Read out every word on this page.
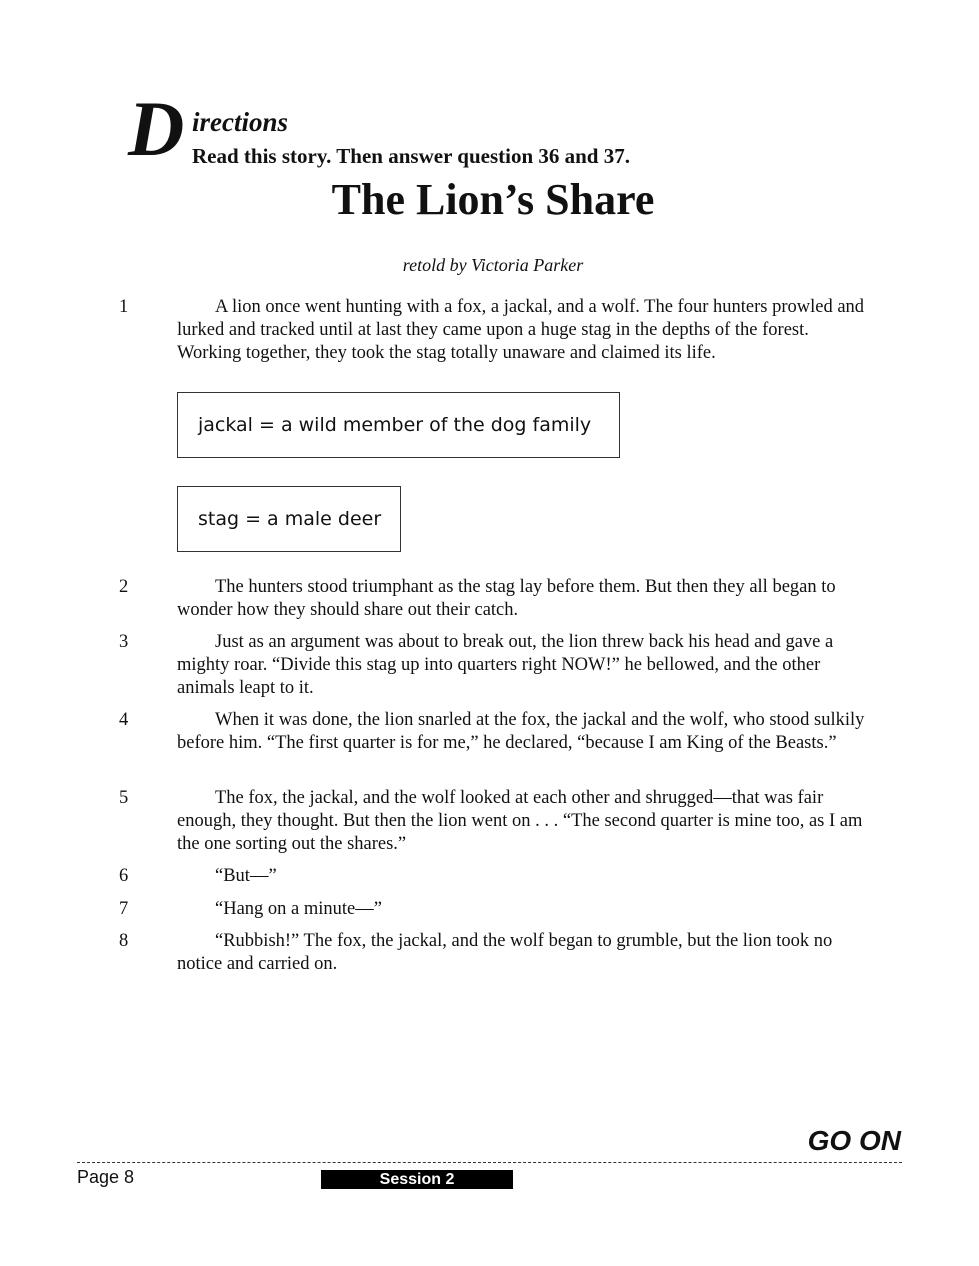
D irections
Read this story. Then answer question 36 and 37.
The Lion’s Share
retold by Victoria Parker
1	A lion once went hunting with a fox, a jackal, and a wolf. The four hunters prowled and lurked and tracked until at last they came upon a huge stag in the depths of the forest. Working together, they took the stag totally unaware and claimed its life.

jackal = a wild member of the dog family
stag = a male deer
2	The hunters stood triumphant as the stag lay before them. But then they all began to wonder how they should share out their catch.

3	Just as an argument was about to break out, the lion threw back his head and gave a mighty roar. “Divide this stag up into quarters right NOW!” he bellowed, and the other animals leapt to it.

4	When it was done, the lion snarled at the fox, the jackal and the wolf, who stood sulkily before him. “The first quarter is for me,” he declared, “because I am King of the Beasts.”

5	The fox, the jackal, and the wolf looked at each other and shrugged—that was fair enough, they thought. But then the lion went on . . . “The second quarter is mine too, as I am the one sorting out the shares.”

6	“But—”

7	“Hang on a minute—”

8	“Rubbish!” The fox, the jackal, and the wolf began to grumble, but the lion took no notice and carried on.

GO ON
Page 8	Session 2
